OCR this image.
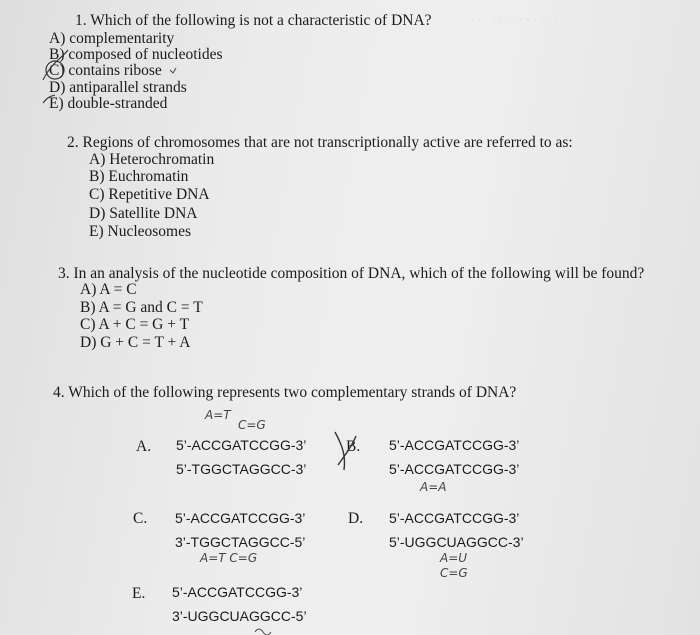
· · · · · · · · · · · · · · · ·
1. Which of the following is not a characteristic of DNA?
A) complementarity
B) composed of nucleotides
C) contains ribose
D) antiparallel strands
E) double-stranded
2. Regions of chromosomes that are not transcriptionally active are referred to as:
A) Heterochromatin
B) Euchromatin
C) Repetitive DNA
D) Satellite DNA
E) Nucleosomes
3. In an analysis of the nucleotide composition of DNA, which of the following will be found?
A) A = C
B) A = G and C = T
C) A + C = G + T
D) G + C = T + A
4. Which of the following represents two complementary strands of DNA?
A. 5’-ACCGATCCGG-3’
5’-TGGCTAGGCC-3’
B. 5’-ACCGATCCGG-3’
5’-ACCGATCCGG-3’
C. 5’-ACCGATCCGG-3’
3’-TGGCTAGGCC-5’
D. 5’-ACCGATCCGG-3’
5’-UGGCUAGGCC-3’
E. 5’-ACCGATCCGG-3’
3’-UGGCUAGGCC-5’
A=T
C=G
A=A
A=T C=G	A=U
C=G
